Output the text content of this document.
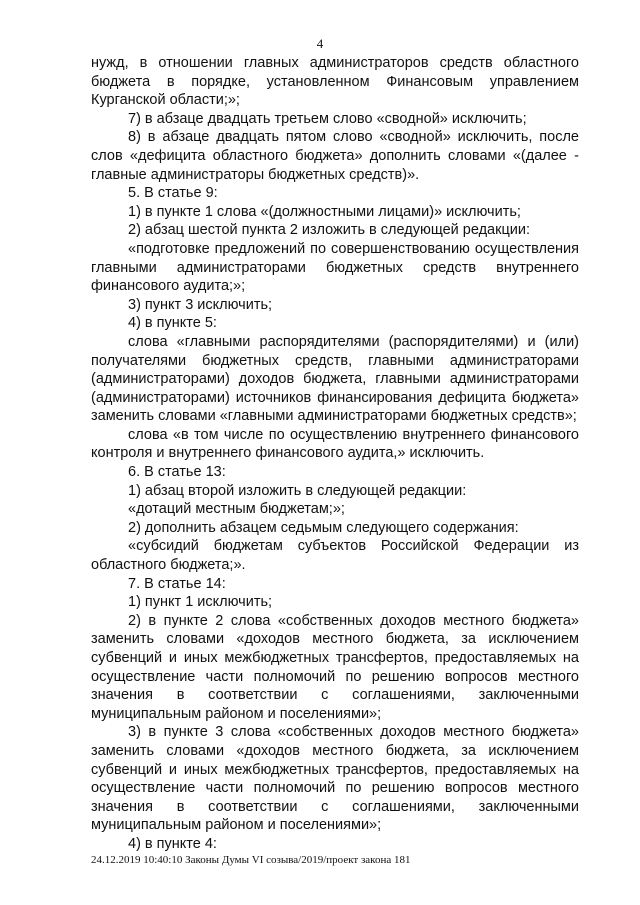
4

нужд, в отношении главных администраторов средств областного бюджета в порядке, установленном Финансовым управлением Курганской области;»;

7) в абзаце двадцать третьем слово «сводной» исключить;

8) в абзаце двадцать пятом слово «сводной» исключить, после слов «дефицита областного бюджета» дополнить словами «(далее - главные администраторы бюджетных средств)».

5. В статье 9:

1) в пункте 1 слова «(должностными лицами)» исключить;

2) абзац шестой пункта 2 изложить в следующей редакции:

«подготовке предложений по совершенствованию осуществления главными администраторами бюджетных средств внутреннего финансового аудита;»;

3) пункт 3 исключить;

4) в пункте 5:

слова «главными распорядителями (распорядителями) и (или) получателями бюджетных средств, главными администраторами (администраторами) доходов бюджета, главными администраторами (администраторами) источников финансирования дефицита бюджета» заменить словами «главными администраторами бюджетных средств»;

слова «в том числе по осуществлению внутреннего финансового контроля и внутреннего финансового аудита,» исключить.

6. В статье 13:

1) абзац второй изложить в следующей редакции:

«дотаций местным бюджетам;»;

2) дополнить абзацем седьмым следующего содержания:

«субсидий бюджетам субъектов Российской Федерации из областного бюджета;».

7. В статье 14:

1) пункт 1 исключить;

2) в пункте 2 слова «собственных доходов местного бюджета» заменить словами «доходов местного бюджета, за исключением субвенций и иных межбюджетных трансфертов, предоставляемых на осуществление части полномочий по решению вопросов местного значения в соответствии с соглашениями, заключенными муниципальным районом и поселениями»;

3) в пункте 3 слова «собственных доходов местного бюджета» заменить словами «доходов местного бюджета, за исключением субвенций и иных межбюджетных трансфертов, предоставляемых на осуществление части полномочий по решению вопросов местного значения в соответствии с соглашениями, заключенными муниципальным районом и поселениями»;

4) в пункте 4:

24.12.2019 10:40:10 Законы Думы VI созыва/2019/проект закона 181
